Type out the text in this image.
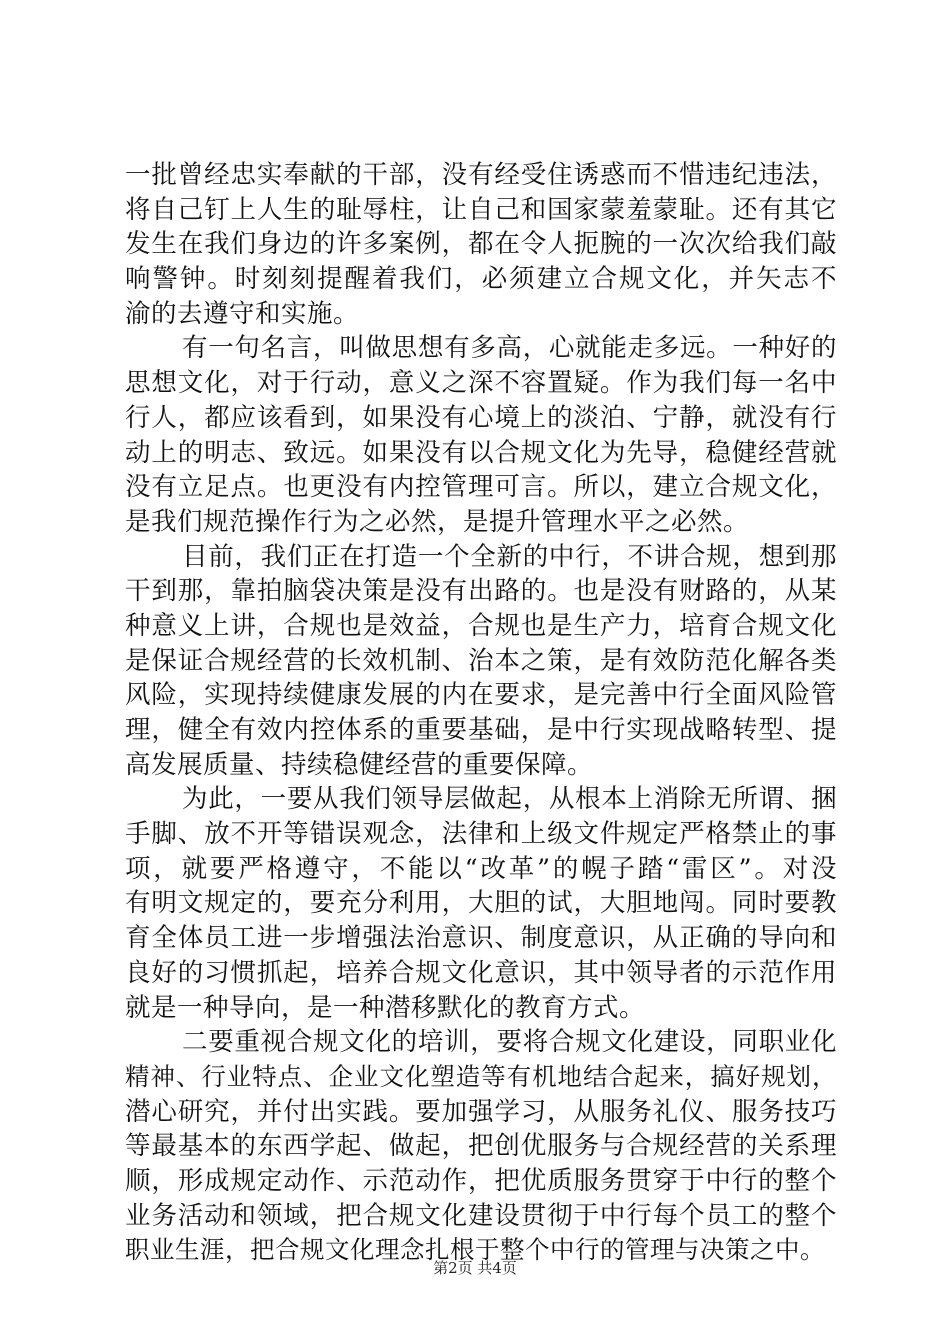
一批曾经忠实奉献的干部，没有经受住诱惑而不惜违纪违法，
将自己钉上人生的耻辱柱，让自己和国家蒙羞蒙耻。还有其它
发生在我们身边的许多案例，都在令人扼腕的一次次给我们敲
响警钟。时刻刻提醒着我们，必须建立合规文化，并矢志不
渝的去遵守和实施。
有一句名言，叫做思想有多高，心就能走多远。一种好的
思想文化，对于行动，意义之深不容置疑。作为我们每一名中
行人，都应该看到，如果没有心境上的淡泊、宁静，就没有行
动上的明志、致远。如果没有以合规文化为先导，稳健经营就
没有立足点。也更没有内控管理可言。所以，建立合规文化，
是我们规范操作行为之必然，是提升管理水平之必然。
目前，我们正在打造一个全新的中行，不讲合规，想到那
干到那，靠拍脑袋决策是没有出路的。也是没有财路的，从某
种意义上讲，合规也是效益，合规也是生产力，培育合规文化
是保证合规经营的长效机制、治本之策，是有效防范化解各类
风险，实现持续健康发展的内在要求，是完善中行全面风险管
理，健全有效内控体系的重要基础，是中行实现战略转型、提
高发展质量、持续稳健经营的重要保障。
为此，一要从我们领导层做起，从根本上消除无所谓、捆
手脚、放不开等错误观念，法律和上级文件规定严格禁止的事
项，就要严格遵守，不能以“改革”的幌子踏“雷区”。对没
有明文规定的，要充分利用，大胆的试，大胆地闯。同时要教
育全体员工进一步增强法治意识、制度意识，从正确的导向和
良好的习惯抓起，培养合规文化意识，其中领导者的示范作用
就是一种导向，是一种潜移默化的教育方式。
二要重视合规文化的培训，要将合规文化建设，同职业化
精神、行业特点、企业文化塑造等有机地结合起来，搞好规划，
潜心研究，并付出实践。要加强学习，从服务礼仪、服务技巧
等最基本的东西学起、做起，把创优服务与合规经营的关系理
顺，形成规定动作、示范动作，把优质服务贯穿于中行的整个
业务活动和领域，把合规文化建设贯彻于中行每个员工的整个
职业生涯，把合规文化理念扎根于整个中行的管理与决策之中。
第2页 共4页
